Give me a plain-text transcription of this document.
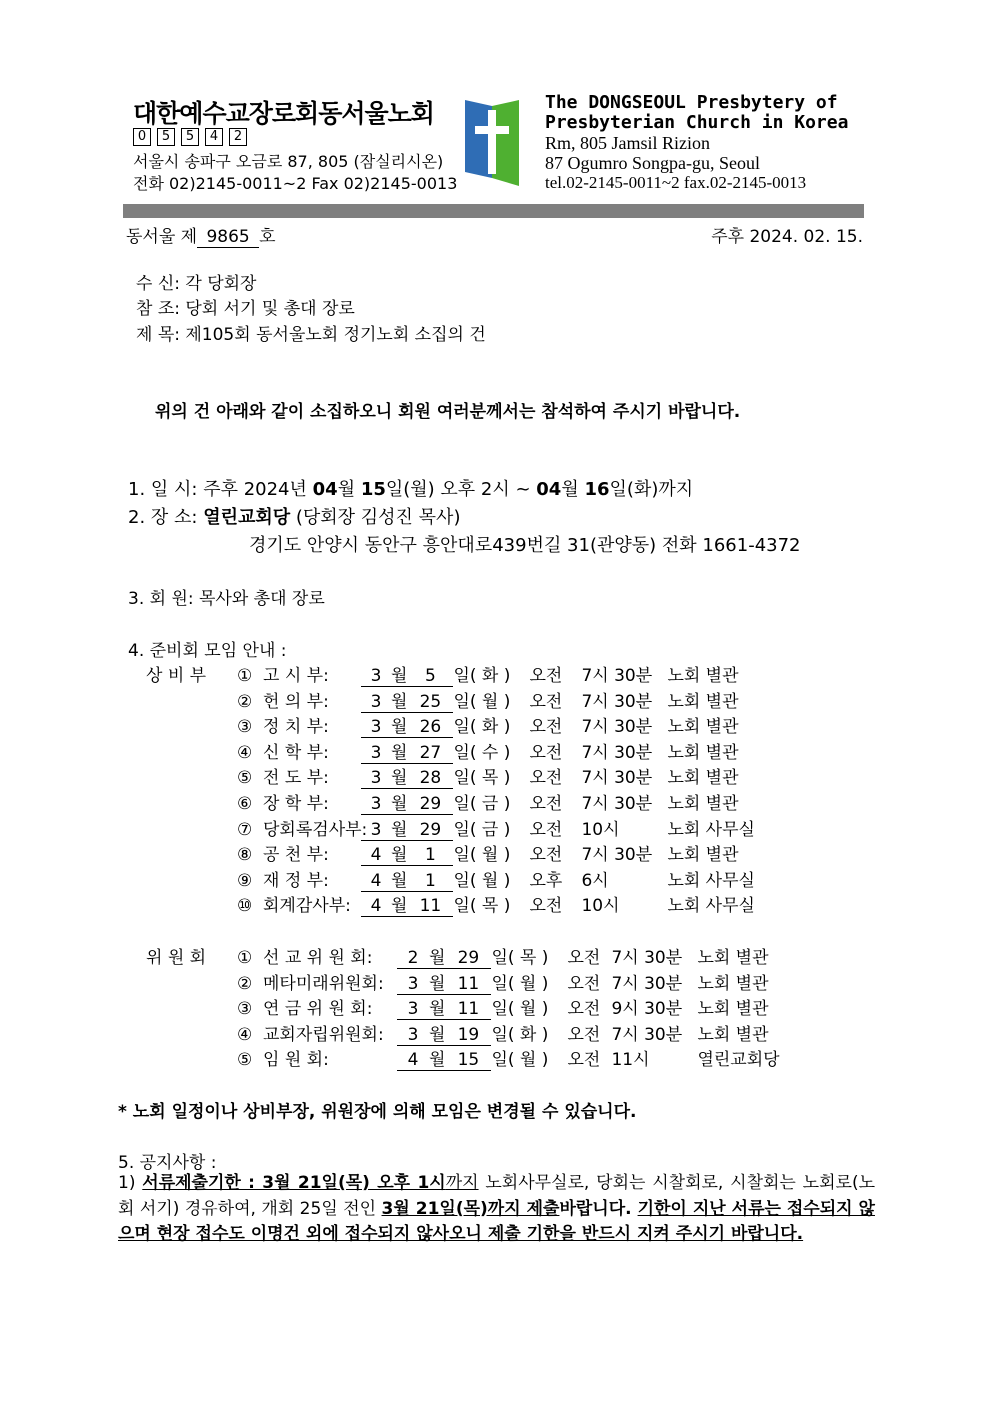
대한예수교장로회동서울노회
0	5	5	4	2
서울시 송파구 오금로 87, 805 (잠실리시온)
전화 02)2145-0011~2 Fax 02)2145-0013
The DONGSEOUL Presbytery of
Presbyterian Church in Korea
Rm, 805 Jamsil Rizion
87 Ogumro Songpa-gu, Seoul
tel.02-2145-0011~2 fax.02-2145-0013
동서울 제 9865 호	주후 2024. 02. 15.
수 신: 각 당회장
참 조: 당회 서기 및 총대 장로
제 목: 제105회 동서울노회 정기노회 소집의 건
위의 건 아래와 같이 소집하오니 회원 여러분께서는 참석하여 주시기 바랍니다.
1. 일 시: 주후 2024년 04월 15일(월) 오후 2시 ~ 04월 16일(화)까지
2. 장 소: 열린교회당 (당회장 김성진 목사)
경기도 안양시 동안구 흥안대로439번길 31(관양동) 전화 1661-4372
3. 회 원: 목사와 총대 장로
4. 준비회 모임 안내 :
상 비 부 ① 고 시 부: 3 월 5 일( 화 ) 오전 7시 30분 노회 별관
② 헌 의 부: 3 월 25 일( 월 ) 오전 7시 30분 노회 별관
③ 정 치 부: 3 월 26 일( 화 ) 오전 7시 30분 노회 별관
④ 신 학 부: 3 월 27 일( 수 ) 오전 7시 30분 노회 별관
⑤ 전 도 부: 3 월 28 일( 목 ) 오전 7시 30분 노회 별관
⑥ 장 학 부: 3 월 29 일( 금 ) 오전 7시 30분 노회 별관
⑦ 당회록검사부: 3 월 29 일( 금 ) 오전 10시	노회 사무실
⑧ 공 천 부: 4 월 1 일( 월 ) 오전 7시 30분 노회 별관
⑨ 재 정 부: 4 월 1 일( 월 ) 오후 6시	노회 사무실
⑩ 회계감사부: 4 월 11 일( 목 ) 오전 10시	노회 사무실
위 원 회 ① 선 교 위 원 회: 2 월 29 일( 목 ) 오전 7시 30분 노회 별관
② 메타미래위원회: 3 월 11 일( 월 ) 오전 7시 30분 노회 별관
③ 연 금 위 원 회: 3 월 11 일( 월 ) 오전 9시 30분 노회 별관
④ 교회자립위원회: 3 월 19 일( 화 ) 오전 7시 30분 노회 별관
⑤ 임 원 회:	4 월 15 일( 월 ) 오전 11시	열린교회당
* 노회 일정이나 상비부장, 위원장에 의해 모임은 변경될 수 있습니다.
5. 공지사항 :
1) 서류제출기한 : 3월 21일(목) 오후 1시까지 노회사무실로, 당회는 시찰회로, 시찰회는 노회로(노회 서기) 경유하여, 개회 25일 전인 3월 21일(목)까지 제출바랍니다. 기한이 지난 서류는 접수되지 않으며 현장 접수도 이명건 외에 접수되지 않사오니 제출 기한을 반드시 지켜 주시기 바랍니다.
